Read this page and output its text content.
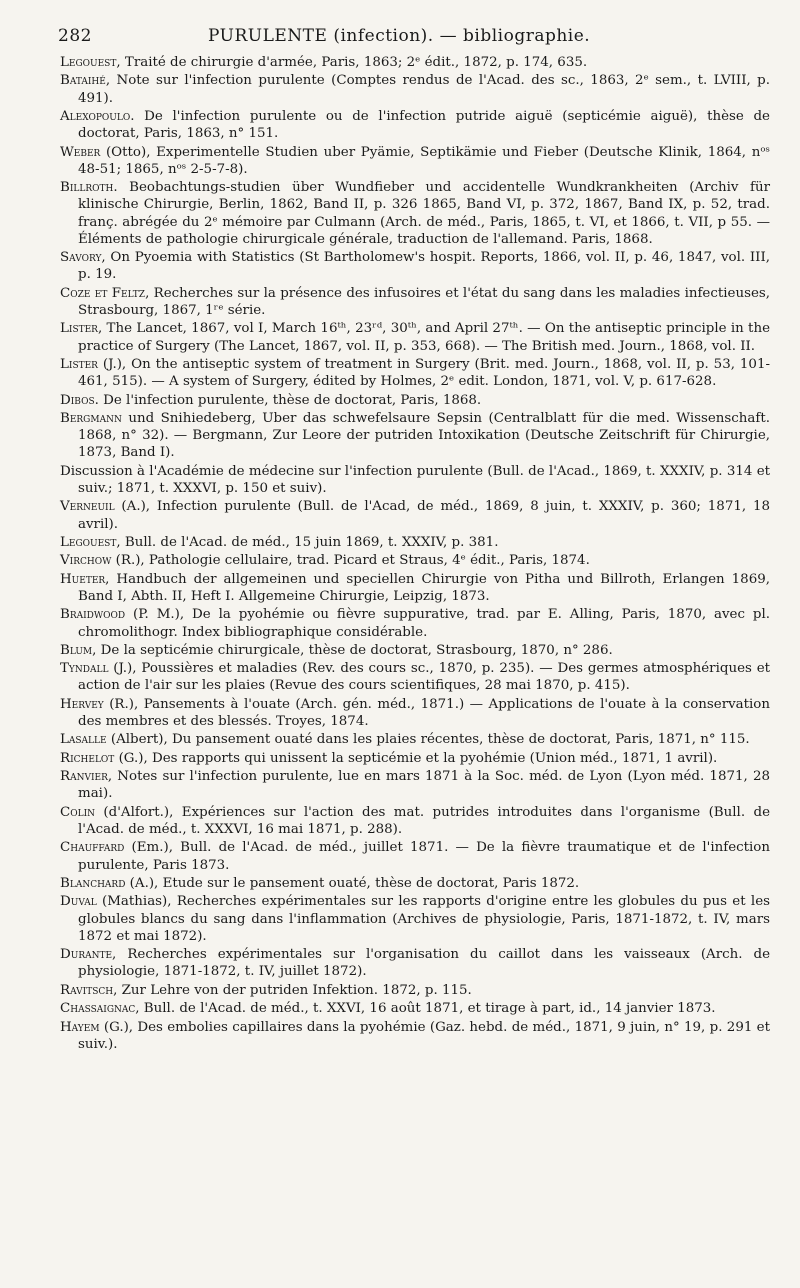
282	PURULENTE (infection). — bibliographie.

Legouest, Traité de chirurgie d'armée, Paris, 1863; 2ᵉ édit., 1872, p. 174, 635.

Bataihé, Note sur l'infection purulente (Comptes rendus de l'Acad. des sc., 1863, 2ᵉ sem., t. LVIII, p. 491).

Alexopoulo. De l'infection purulente ou de l'infection putride aiguë (septicémie aiguë), thèse de doctorat, Paris, 1863, n° 151.

Weber (Otto), Experimentelle Studien uber Pyämie, Septikämie und Fieber (Deutsche Klinik, 1864, nᵒˢ 48-51; 1865, nᵒˢ 2-5-7-8).

Billroth. Beobachtungs-studien über Wundfieber und accidentelle Wundkrankheiten (Archiv für klinische Chirurgie, Berlin, 1862, Band II, p. 326 1865, Band VI, p. 372, 1867, Band IX, p. 52, trad. franç. abrégée du 2ᵉ mémoire par Culmann (Arch. de méd., Paris, 1865, t. VI, et 1866, t. VII, p 55. — Éléments de pathologie chirurgicale générale, traduction de l'allemand. Paris, 1868.

Savory, On Pyoemia with Statistics (St Bartholomew's hospit. Reports, 1866, vol. II, p. 46, 1847, vol. III, p. 19.

Coze et Feltz, Recherches sur la présence des infusoires et l'état du sang dans les maladies infectieuses, Strasbourg, 1867, 1ʳᵉ série.

Lister, The Lancet, 1867, vol I, March 16ᵗʰ, 23ʳᵈ, 30ᵗʰ, and April 27ᵗʰ. — On the antiseptic principle in the practice of Surgery (The Lancet, 1867, vol. II, p. 353, 668). — The British med. Journ., 1868, vol. II.

Lister (J.), On the antiseptic system of treatment in Surgery (Brit. med. Journ., 1868, vol. II, p. 53, 101-461, 515). — A system of Surgery, édited by Holmes, 2ᵉ edit. London, 1871, vol. V, p. 617-628.

Dibos. De l'infection purulente, thèse de doctorat, Paris, 1868.

Bergmann und Snihiedeberg, Uber das schwefelsaure Sepsin (Centralblatt für die med. Wissenschaft. 1868, n° 32). — Bergmann, Zur Leore der putriden Intoxikation (Deutsche Zeitschrift für Chirurgie, 1873, Band I).

Discussion à l'Académie de médecine sur l'infection purulente (Bull. de l'Acad., 1869, t. XXXIV, p. 314 et suiv.; 1871, t. XXXVI, p. 150 et suiv).

Verneuil (A.), Infection purulente (Bull. de l'Acad, de méd., 1869, 8 juin, t. XXXIV, p. 360; 1871, 18 avril).

Legouest, Bull. de l'Acad. de méd., 15 juin 1869, t. XXXIV, p. 381.

Virchow (R.), Pathologie cellulaire, trad. Picard et Straus, 4ᵉ édit., Paris, 1874.

Hueter, Handbuch der allgemeinen und speciellen Chirurgie von Pitha und Billroth, Erlangen 1869, Band I, Abth. II, Heft I. Allgemeine Chirurgie, Leipzig, 1873.

Braidwood (P. M.), De la pyohémie ou fièvre suppurative, trad. par E. Alling, Paris, 1870, avec pl. chromolithogr. Index bibliographique considérable.

Blum, De la septicémie chirurgicale, thèse de doctorat, Strasbourg, 1870, n° 286.

Tyndall (J.), Poussières et maladies (Rev. des cours sc., 1870, p. 235). — Des germes atmosphériques et action de l'air sur les plaies (Revue des cours scientifiques, 28 mai 1870, p. 415).

Hervey (R.), Pansements à l'ouate (Arch. gén. méd., 1871.) — Applications de l'ouate à la conservation des membres et des blessés. Troyes, 1874.

Lasalle (Albert), Du pansement ouaté dans les plaies récentes, thèse de doctorat, Paris, 1871, n° 115.

Richelot (G.), Des rapports qui unissent la septicémie et la pyohémie (Union méd., 1871, 1 avril).

Ranvier, Notes sur l'infection purulente, lue en mars 1871 à la Soc. méd. de Lyon (Lyon méd. 1871, 28 mai).

Colin (d'Alfort.), Expériences sur l'action des mat. putrides introduites dans l'organisme (Bull. de l'Acad. de méd., t. XXXVI, 16 mai 1871, p. 288).

Chauffard (Em.), Bull. de l'Acad. de méd., juillet 1871. — De la fièvre traumatique et de l'infection purulente, Paris 1873.

Blanchard (A.), Etude sur le pansement ouaté, thèse de doctorat, Paris 1872.

Duval (Mathias), Recherches expérimentales sur les rapports d'origine entre les globules du pus et les globules blancs du sang dans l'inflammation (Archives de physiologie, Paris, 1871-1872, t. IV, mars 1872 et mai 1872).

Durante, Recherches expérimentales sur l'organisation du caillot dans les vaisseaux (Arch. de physiologie, 1871-1872, t. IV, juillet 1872).

Ravitsch, Zur Lehre von der putriden Infektion. 1872, p. 115.

Chassaignac, Bull. de l'Acad. de méd., t. XXVI, 16 août 1871, et tirage à part, id., 14 janvier 1873.

Hayem (G.), Des embolies capillaires dans la pyohémie (Gaz. hebd. de méd., 1871, 9 juin, n° 19, p. 291 et suiv.).
